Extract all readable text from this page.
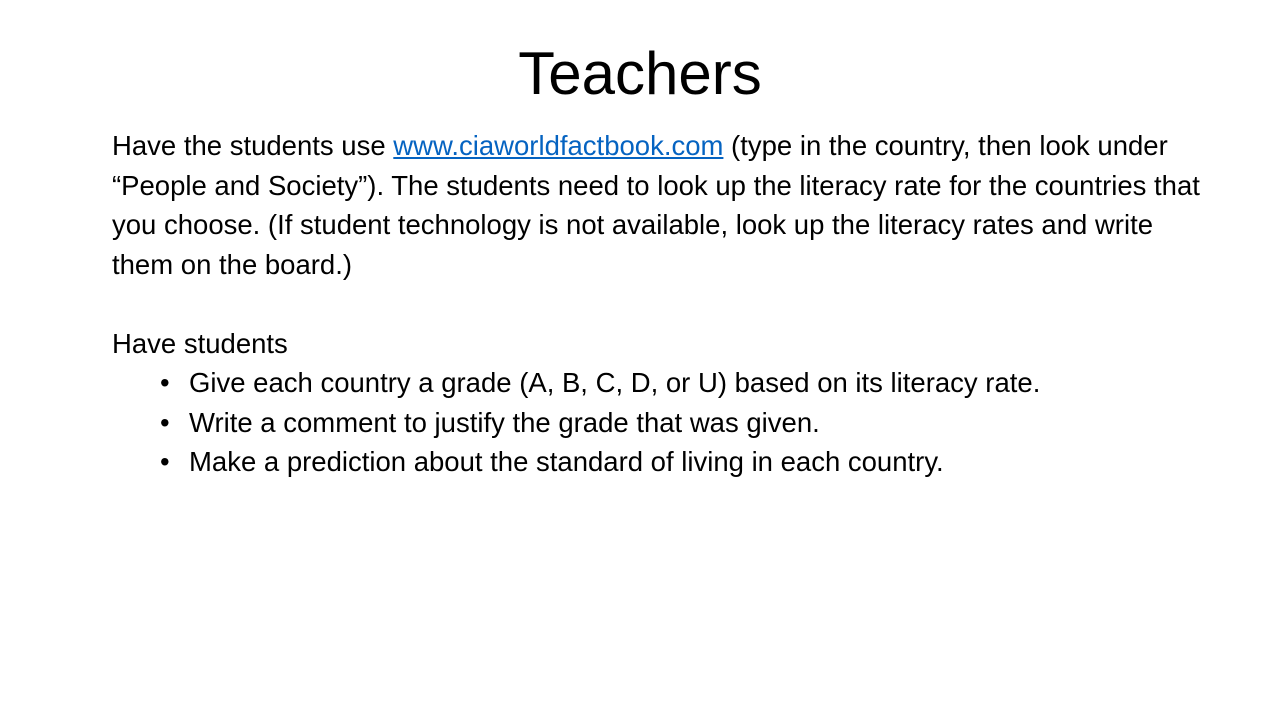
Teachers

Have the students use www.ciaworldfactbook.com (type in the country, then look under “People and Society”). The students need to look up the literacy rate for the countries that you choose. (If student technology is not available, look up the literacy rates and write them on the board.)

Have students

• Give each country a grade (A, B, C, D, or U) based on its literacy rate.
• Write a comment to justify the grade that was given.
• Make a prediction about the standard of living in each country.
